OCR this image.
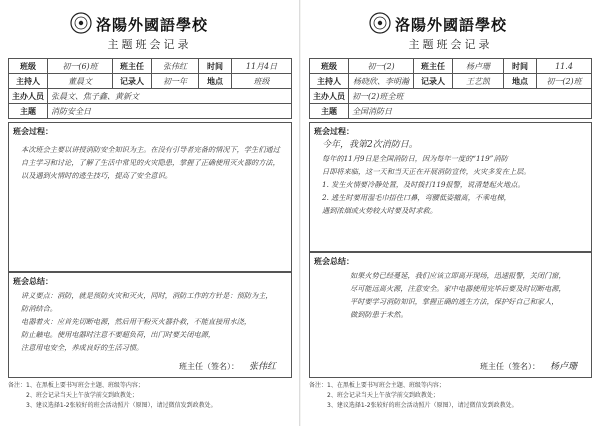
洛陽外國語學校
主题班会记录
班级	初一(6)班	班主任	张伟红	时间	11月4日
主持人	董晨文	记录人	初一年	地点	班级
主办人员	张晨文、焦子鑫、黄新文				
主题	消防安全日				
班会过程：
本次班会主要以讲授消防安全知识为主。在没有引导者完备的情况下，学生们通过自主学习和讨论，了解了生活中常见的火灾隐患，掌握了正确使用灭火器的方法，以及遇到火情时的逃生技巧，提高了安全意识。
班会总结：
讲义要点：消防，就是预防火灾和灭火，同时，消防工作的方针是：预防为主，
防消结合。
电器着火：应首先切断电源，然后用干粉灭火器扑救，不能直接用水浇，
防止触电。使用电器时注意不要超负荷，出门时要关闭电源，
注意用电安全，养成良好的生活习惯。
班主任（签名）： 张伟红
备注：1、在黑板上要书写班会主题、班级等内容；
2、班会记录当天上午放学前交到政教处；
3、建议选择1-2张较好的班会活动照片（原图），请过微信发到政教处。
洛陽外國語學校
主题班会记录
班级	初一(2)	班主任	杨卢珊	时间	11.4
主持人	杨晓欣、李明瀚	记录人	王艺凯	地点	初一(2)班
主办人员	初一(2)班全班				
主题	全国消防日				
班会过程：
今年，我第2次消防日。
每年的11月9日是全国消防日，因为每年一度的“119”消防
日即将来临，这一天和当天正在开展消防宣传，火灾多发在上层。
1. 发生火情要冷静处置，及时拨打119报警，说清楚起火地点。
2. 逃生时要用湿毛巾捂住口鼻，弯腰低姿撤离，不乘电梯，
遇到浓烟或火势较大时要及时求救。
班会总结：
如果火势已经蔓延，我们应该立即离开现场，迅速报警，关闭门窗，
尽可能远离火源，注意安全。家中电器使用完毕后要及时切断电源，
平时要学习消防知识，掌握正确的逃生方法，保护好自己和家人，
做到防患于未然。
班主任（签名）： 杨卢珊
备注：1、在黑板上要书写班会主题、班级等内容；
2、班会记录当天上午放学前交到政教处；
3、建议选择1-2张较好的班会活动照片（原图），请过微信发到政教处。
